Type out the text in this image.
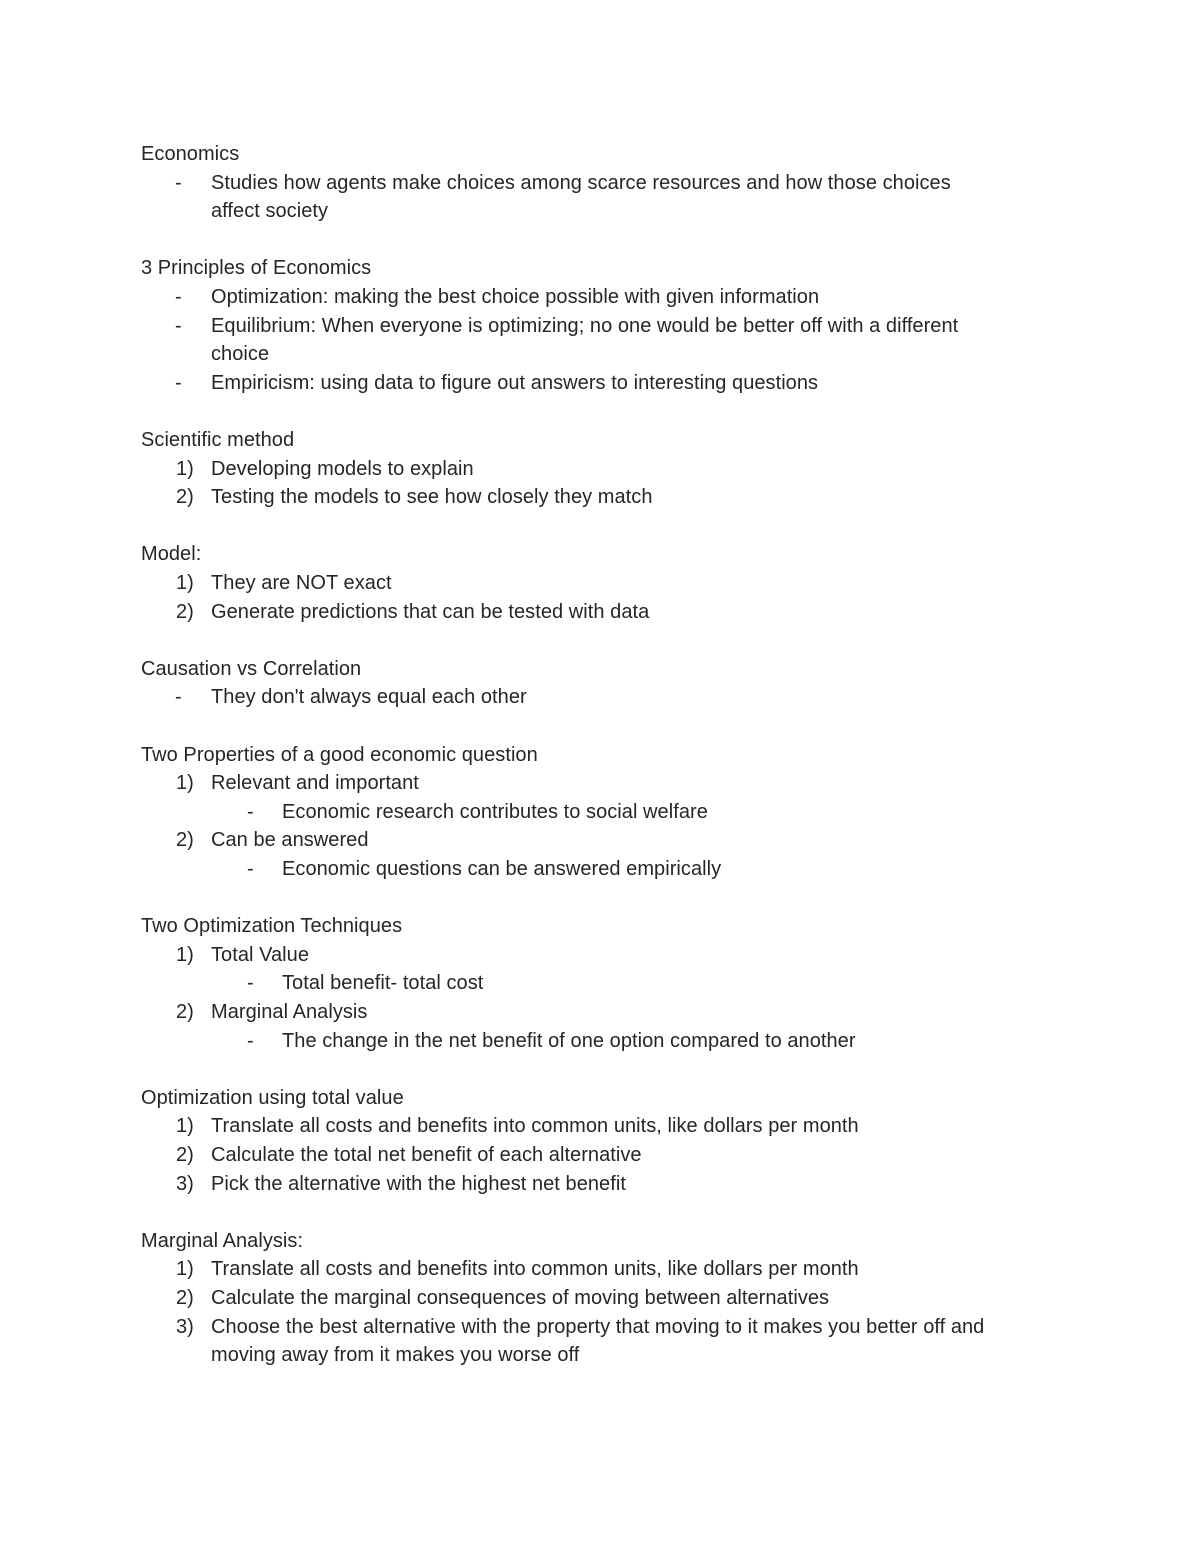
Economics
- Studies how agents make choices among scarce resources and how those choices
affect society
3 Principles of Economics
- Optimization: making the best choice possible with given information
- Equilibrium: When everyone is optimizing; no one would be better off with a different
choice
- Empiricism: using data to figure out answers to interesting questions
Scientific method
1) Developing models to explain
2) Testing the models to see how closely they match
Model:
1) They are NOT exact
2) Generate predictions that can be tested with data
Causation vs Correlation
- They don't always equal each other
Two Properties of a good economic question
1) Relevant and important
- Economic research contributes to social welfare
2) Can be answered
- Economic questions can be answered empirically
Two Optimization Techniques
1) Total Value
- Total benefit- total cost
2) Marginal Analysis
- The change in the net benefit of one option compared to another
Optimization using total value
1) Translate all costs and benefits into common units, like dollars per month
2) Calculate the total net benefit of each alternative
3) Pick the alternative with the highest net benefit
Marginal Analysis:
1) Translate all costs and benefits into common units, like dollars per month
2) Calculate the marginal consequences of moving between alternatives
3) Choose the best alternative with the property that moving to it makes you better off and
moving away from it makes you worse off
